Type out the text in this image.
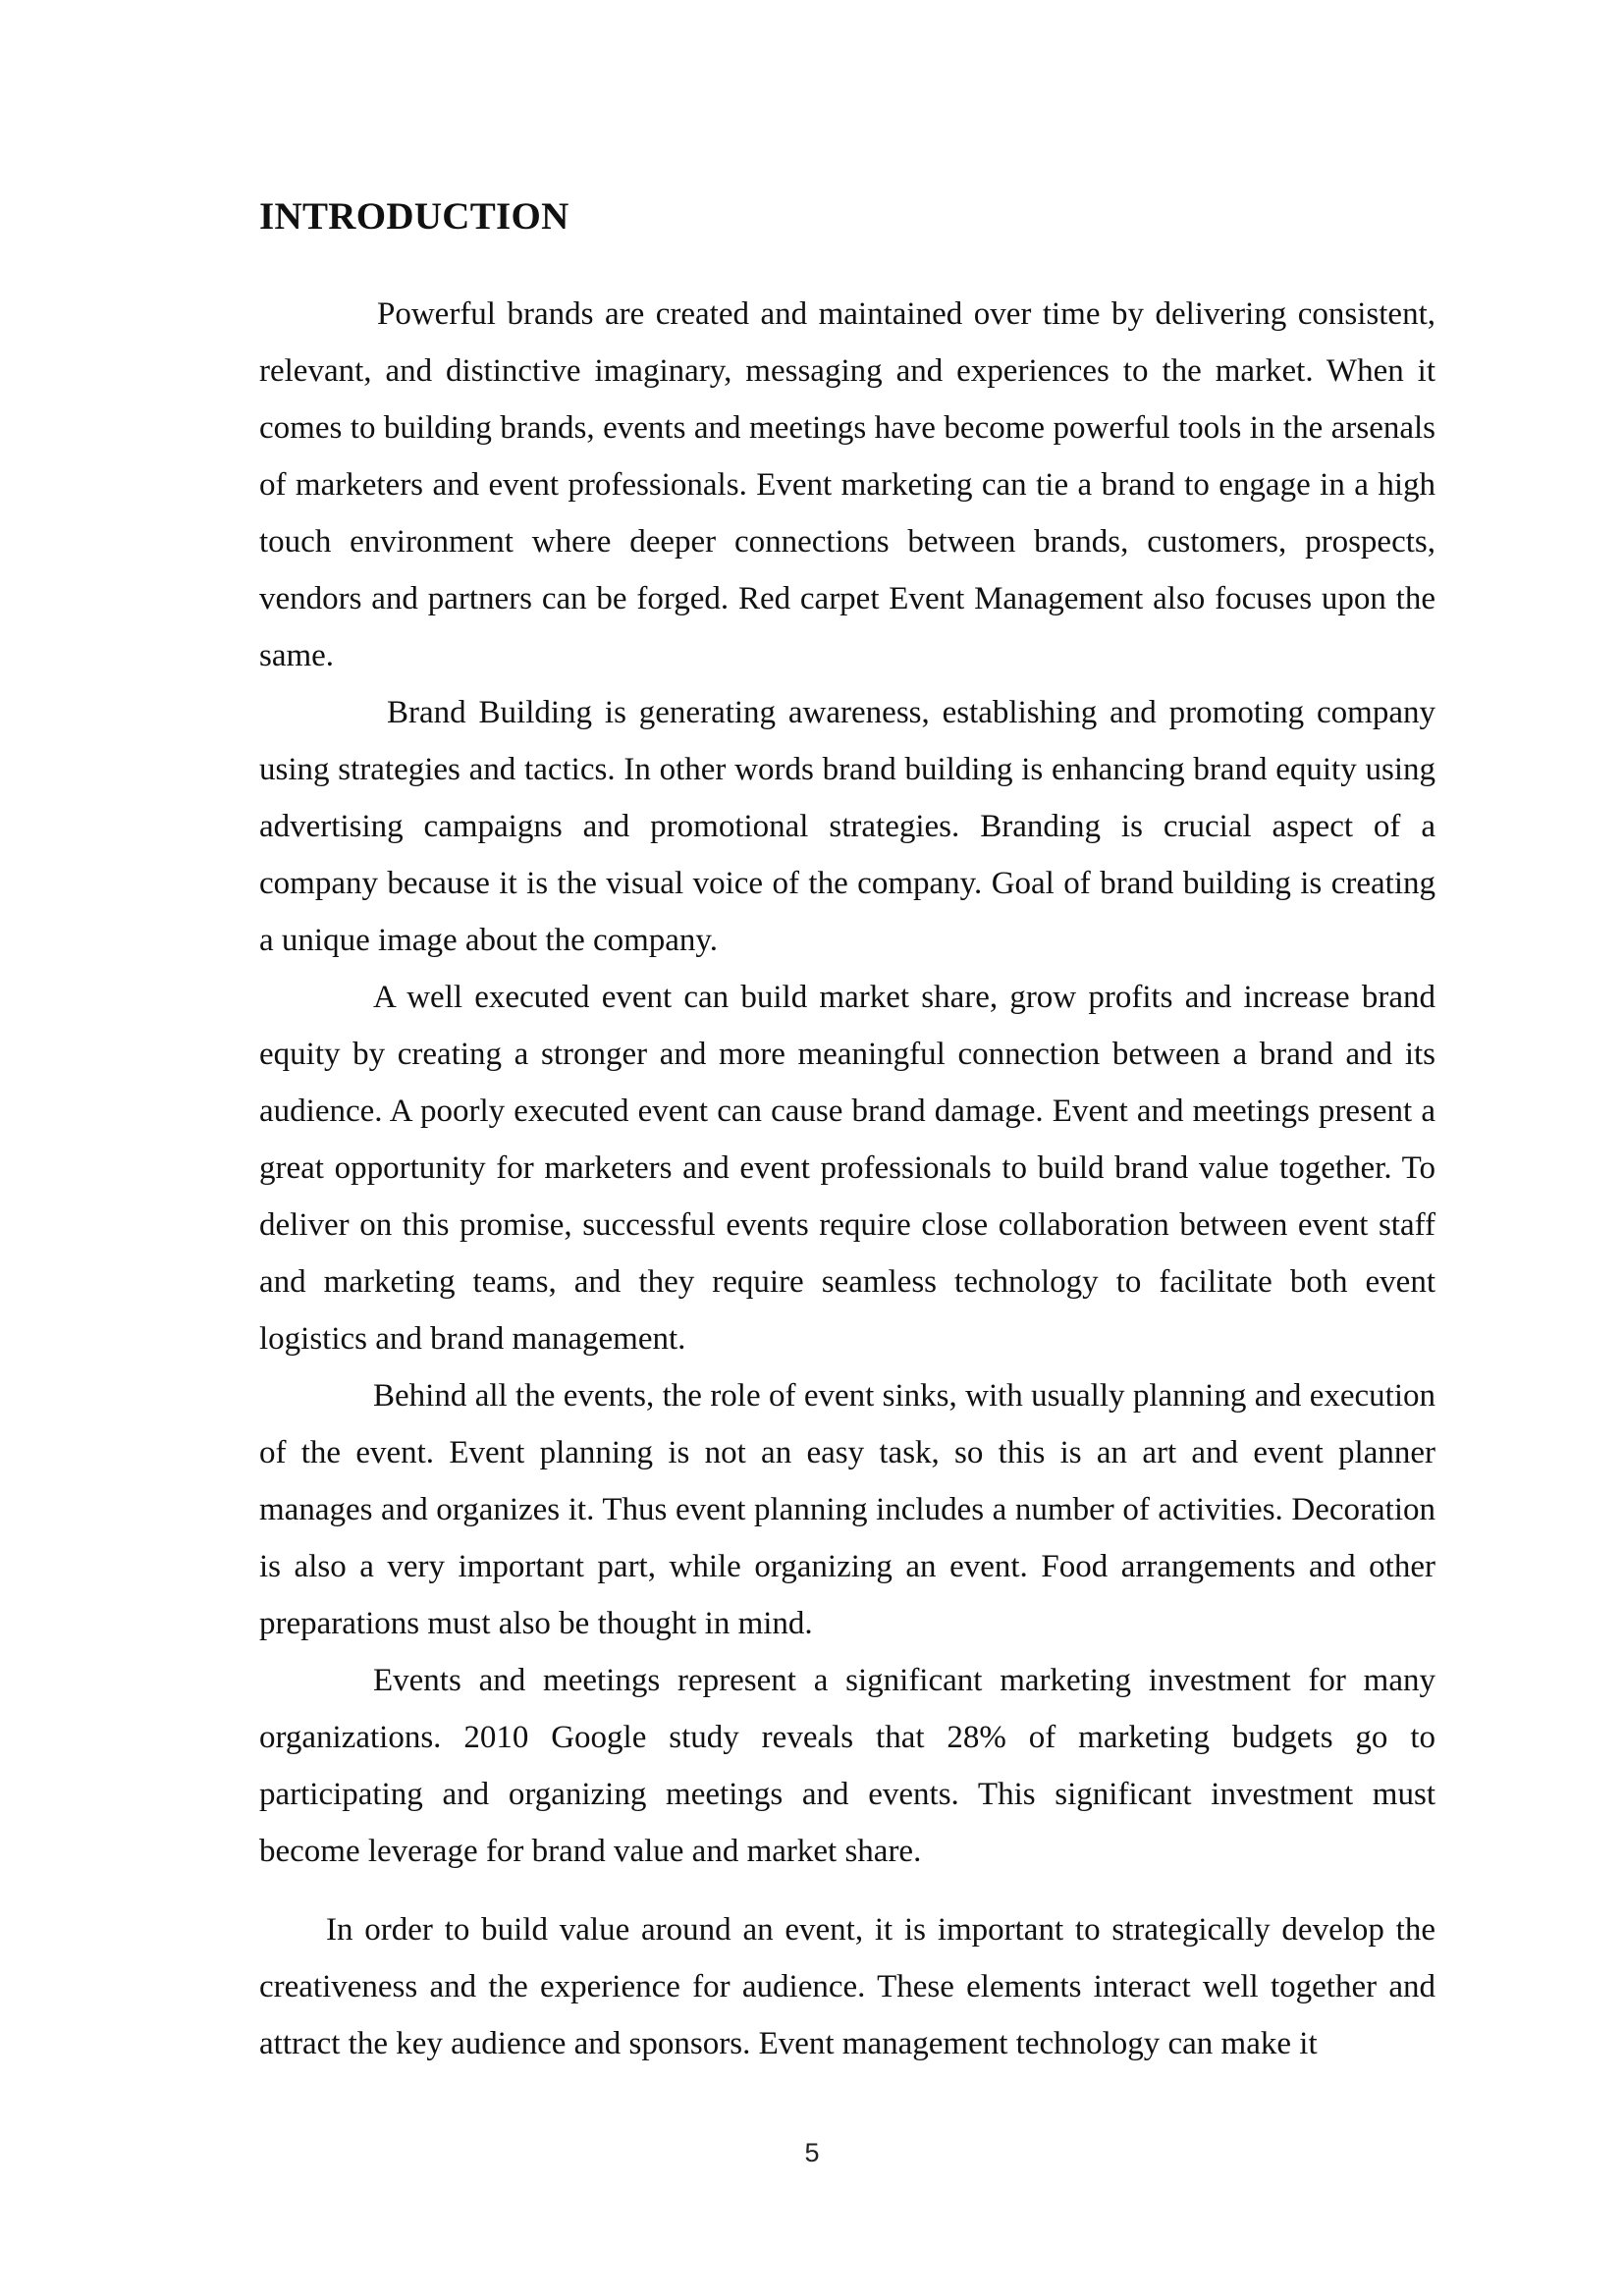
INTRODUCTION

Powerful brands are created and maintained over time by delivering consistent, relevant, and distinctive imaginary, messaging and experiences to the market. When it comes to building brands, events and meetings have become powerful tools in the arsenals of marketers and event professionals. Event marketing can tie a brand to engage in a high touch environment where deeper connections between brands, customers, prospects, vendors and partners can be forged. Red carpet Event Management also focuses upon the same.

Brand Building is generating awareness, establishing and promoting company using strategies and tactics. In other words brand building is enhancing brand equity using advertising campaigns and promotional strategies. Branding is crucial aspect of a company because it is the visual voice of the company. Goal of brand building is creating a unique image about the company.

A well executed event can build market share, grow profits and increase brand equity by creating a stronger and more meaningful connection between a brand and its audience. A poorly executed event can cause brand damage. Event and meetings present a great opportunity for marketers and event professionals to build brand value together. To deliver on this promise, successful events require close collaboration between event staff and marketing teams, and they require seamless technology to facilitate both event logistics and brand management.

Behind all the events, the role of event sinks, with usually planning and execution of the event. Event planning is not an easy task, so this is an art and event planner manages and organizes it. Thus event planning includes a number of activities. Decoration is also a very important part, while organizing an event. Food arrangements and other preparations must also be thought in mind.

Events and meetings represent a significant marketing investment for many organizations. 2010 Google study reveals that 28% of marketing budgets go to participating and organizing meetings and events. This significant investment must become leverage for brand value and market share.

In order to build value around an event, it is important to strategically develop the creativeness and the experience for audience. These elements interact well together and attract the key audience and sponsors. Event management technology can make it

5
